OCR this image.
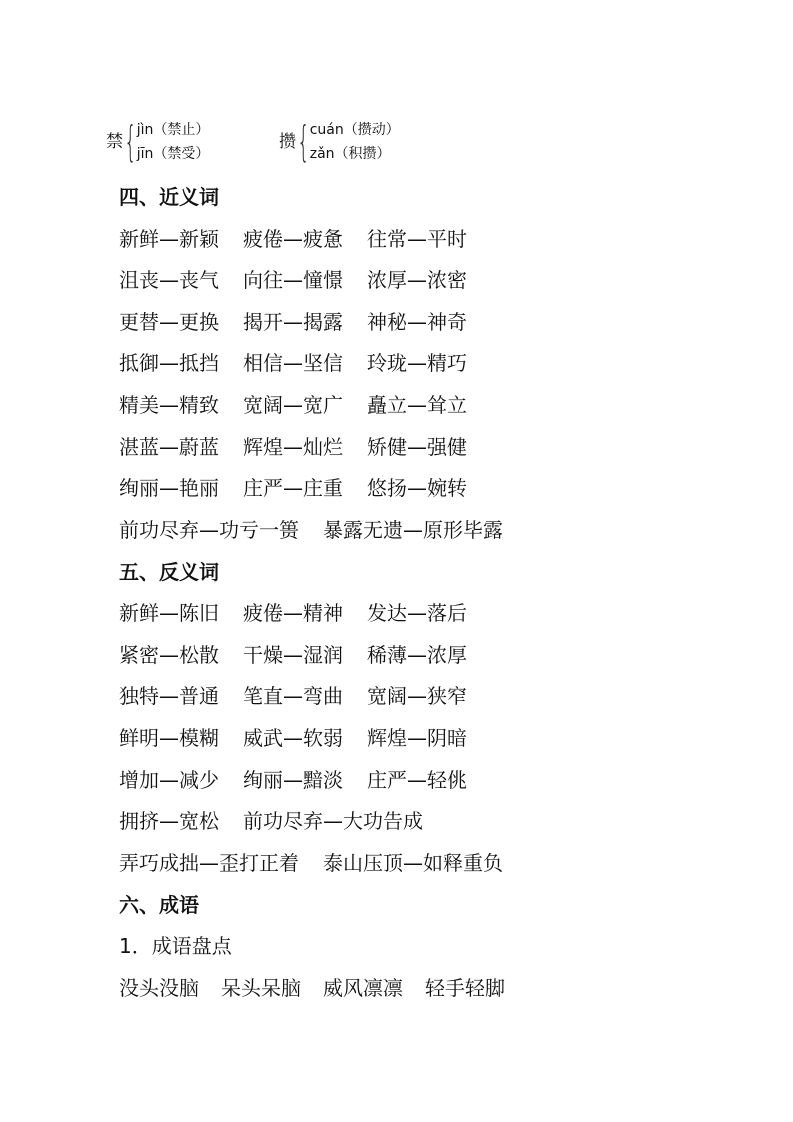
禁 { jìn（禁止）
jīn（禁受）
攒 { cuán（攒动）
zǎn（积攒）
四、近义词
新鲜—新颖 疲倦—疲惫 往常—平时
沮丧—丧气 向往—憧憬 浓厚—浓密
更替—更换 揭开—揭露 神秘—神奇
抵御—抵挡 相信—坚信 玲珑—精巧
精美—精致 宽阔—宽广 矗立—耸立
湛蓝—蔚蓝 辉煌—灿烂 矫健—强健
绚丽—艳丽 庄严—庄重 悠扬—婉转
前功尽弃—功亏一篑 暴露无遗—原形毕露
五、反义词
新鲜—陈旧 疲倦—精神 发达—落后
紧密—松散 干燥—湿润 稀薄—浓厚
独特—普通 笔直—弯曲 宽阔—狭窄
鲜明—模糊 威武—软弱 辉煌—阴暗
增加—减少 绚丽—黯淡 庄严—轻佻
拥挤—宽松 前功尽弃—大功告成
弄巧成拙—歪打正着 泰山压顶—如释重负
六、成语
1．成语盘点
没头没脑 呆头呆脑 威风凛凛 轻手轻脚
